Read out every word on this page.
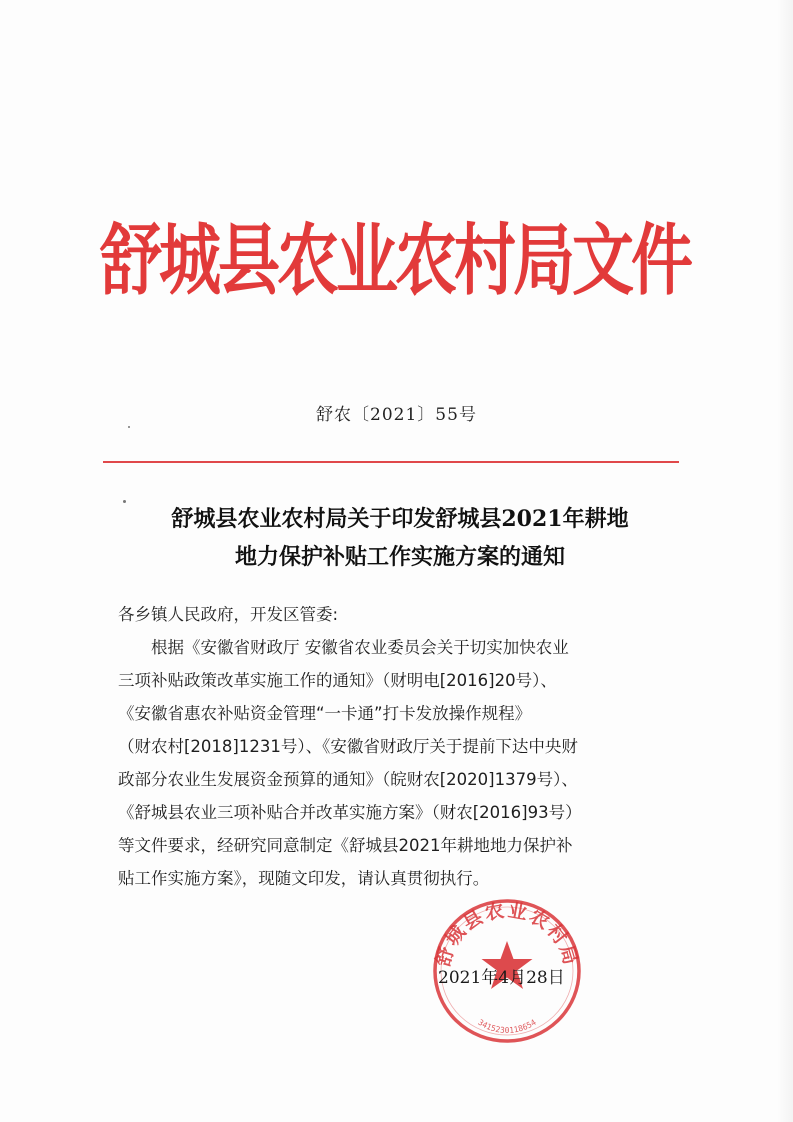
舒城县农业农村局文件
舒农〔2021〕55号
舒城县农业农村局关于印发舒城县2021年耕地
地力保护补贴工作实施方案的通知
各乡镇人民政府，开发区管委:
根据《安徽省财政厅 安徽省农业委员会关于切实加快农业
三项补贴政策改革实施工作的通知》（财明电[2016]20号）、
《安徽省惠农补贴资金管理“一卡通”打卡发放操作规程》
（财农村[2018]1231号）、《安徽省财政厅关于提前下达中央财
政部分农业生发展资金预算的通知》（皖财农[2020]1379号）、
《舒城县农业三项补贴合并改革实施方案》（财农[2016]93号）
等文件要求，经研究同意制定《舒城县2021年耕地地力保护补
贴工作实施方案》，现随文印发，请认真贯彻执行。
舒城县农业农村局
3415230118654
2021年4月28日
